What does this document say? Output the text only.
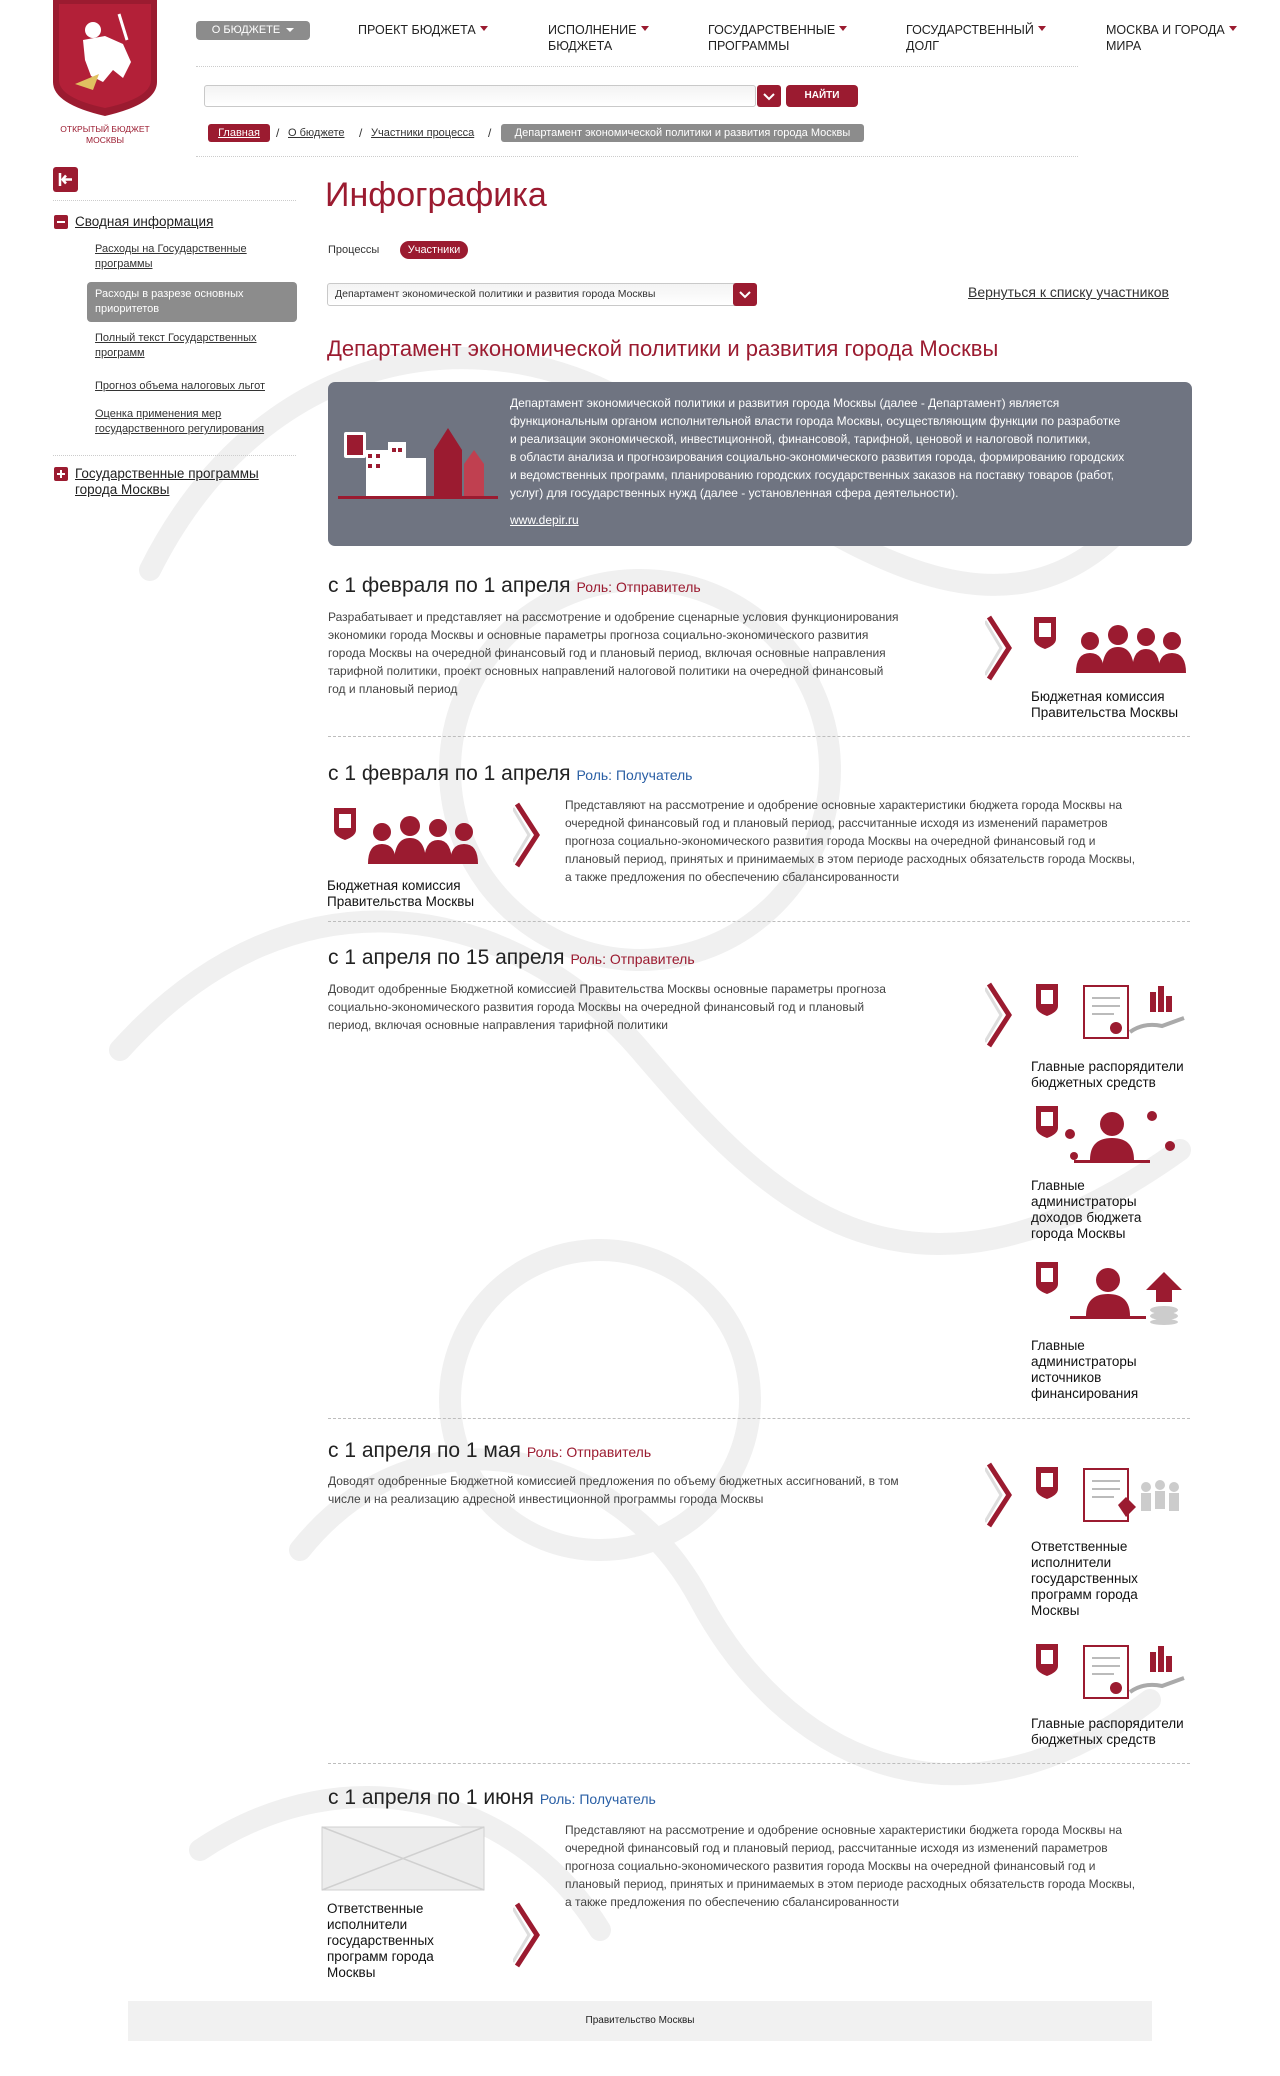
ОТКРЫТЫЙ БЮДЖЕТ
МОСКВЫ
О БЮДЖЕТЕ	ПРОЕКТ БЮДЖЕТА	ИСПОЛНЕНИЕ
БЮДЖЕТА
ГОСУДАРСТВЕННЫЕ
ПРОГРАММЫ
ГОСУДАРСТВЕННЫЙ
ДОЛГ
МОСКВА И ГОРОДА
МИРА
НАЙТИ
Главная	/ О бюджете / Участники процесса /	Департамент экономической политики и развития города Москвы
Сводная информация
Расходы на Государственные
программы
Расходы в разрезе основных
приоритетов
Полный текст Государственных
программ
Прогноз объема налоговых льгот
Оценка применения мер
государственного регулирования
Государственные программы
города Москвы
Инфографика
Процессы	Участники
Департамент экономической политики и развития города Москвы	Вернуться к списку участников
Департамент экономической политики и развития города Москвы
Департамент экономической политики и развития города Москвы (далее - Департамент) является
функциональным органом исполнительной власти города Москвы, осуществляющим функции по разработке
и реализации экономической, инвестиционной, финансовой, тарифной, ценовой и налоговой политики,
в области анализа и прогнозирования социально-экономического развития города, формированию городских
и ведомственных программ, планированию городских государственных заказов на поставку товаров (работ,
услуг) для государственных нужд (далее - установленная сфера деятельности).
www.depir.ru
с 1 февраля по 1 апреля Роль: Отправитель
Разрабатывает и представляет на рассмотрение и одобрение сценарные условия функционирования
экономики города Москвы и основные параметры прогноза социально-экономического развития
города Москвы на очередной финансовый год и плановый период, включая основные направления
тарифной политики, проект основных направлений налоговой политики на очередной финансовый
год и плановый период	Бюджетная комиссия
Правительства Москвы
с 1 февраля по 1 апреля Роль: Получатель
Бюджетная комиссия
Правительства Москвы
Представляют на рассмотрение и одобрение основные характеристики бюджета города Москвы на
очередной финансовый год и плановый период, рассчитанные исходя из изменений параметров
прогноза социально-экономического развития города Москвы на очередной финансовый год и
плановый период, принятых и принимаемых в этом периоде расходных обязательств города Москвы,
а также предложения по обеспечению сбалансированности
с 1 апреля по 15 апреля Роль: Отправитель
Доводит одобренные Бюджетной комиссией Правительства Москвы основные параметры прогноза
социально-экономического развития города Москвы на очередной финансовый год и плановый
период, включая основные направления тарифной политики
Главные распорядители
бюджетных средств
Главные
администраторы
доходов бюджета
города Москвы
Главные
администраторы
источников
финансирования
с 1 апреля по 1 мая Роль: Отправитель
Доводят одобренные Бюджетной комиссией предложения по объему бюджетных ассигнований, в том
числе и на реализацию адресной инвестиционной программы города Москвы
Ответственные
исполнители
государственных
программ города
Москвы
Главные распорядители
бюджетных средств
с 1 апреля по 1 июня Роль: Получатель
Ответственные
исполнители
государственных
программ города
Москвы
Представляют на рассмотрение и одобрение основные характеристики бюджета города Москвы на
очередной финансовый год и плановый период, рассчитанные исходя из изменений параметров
прогноза социально-экономического развития города Москвы на очередной финансовый год и
плановый период, принятых и принимаемых в этом периоде расходных обязательств города Москвы,
а также предложения по обеспечению сбалансированности
Правительство Москвы
